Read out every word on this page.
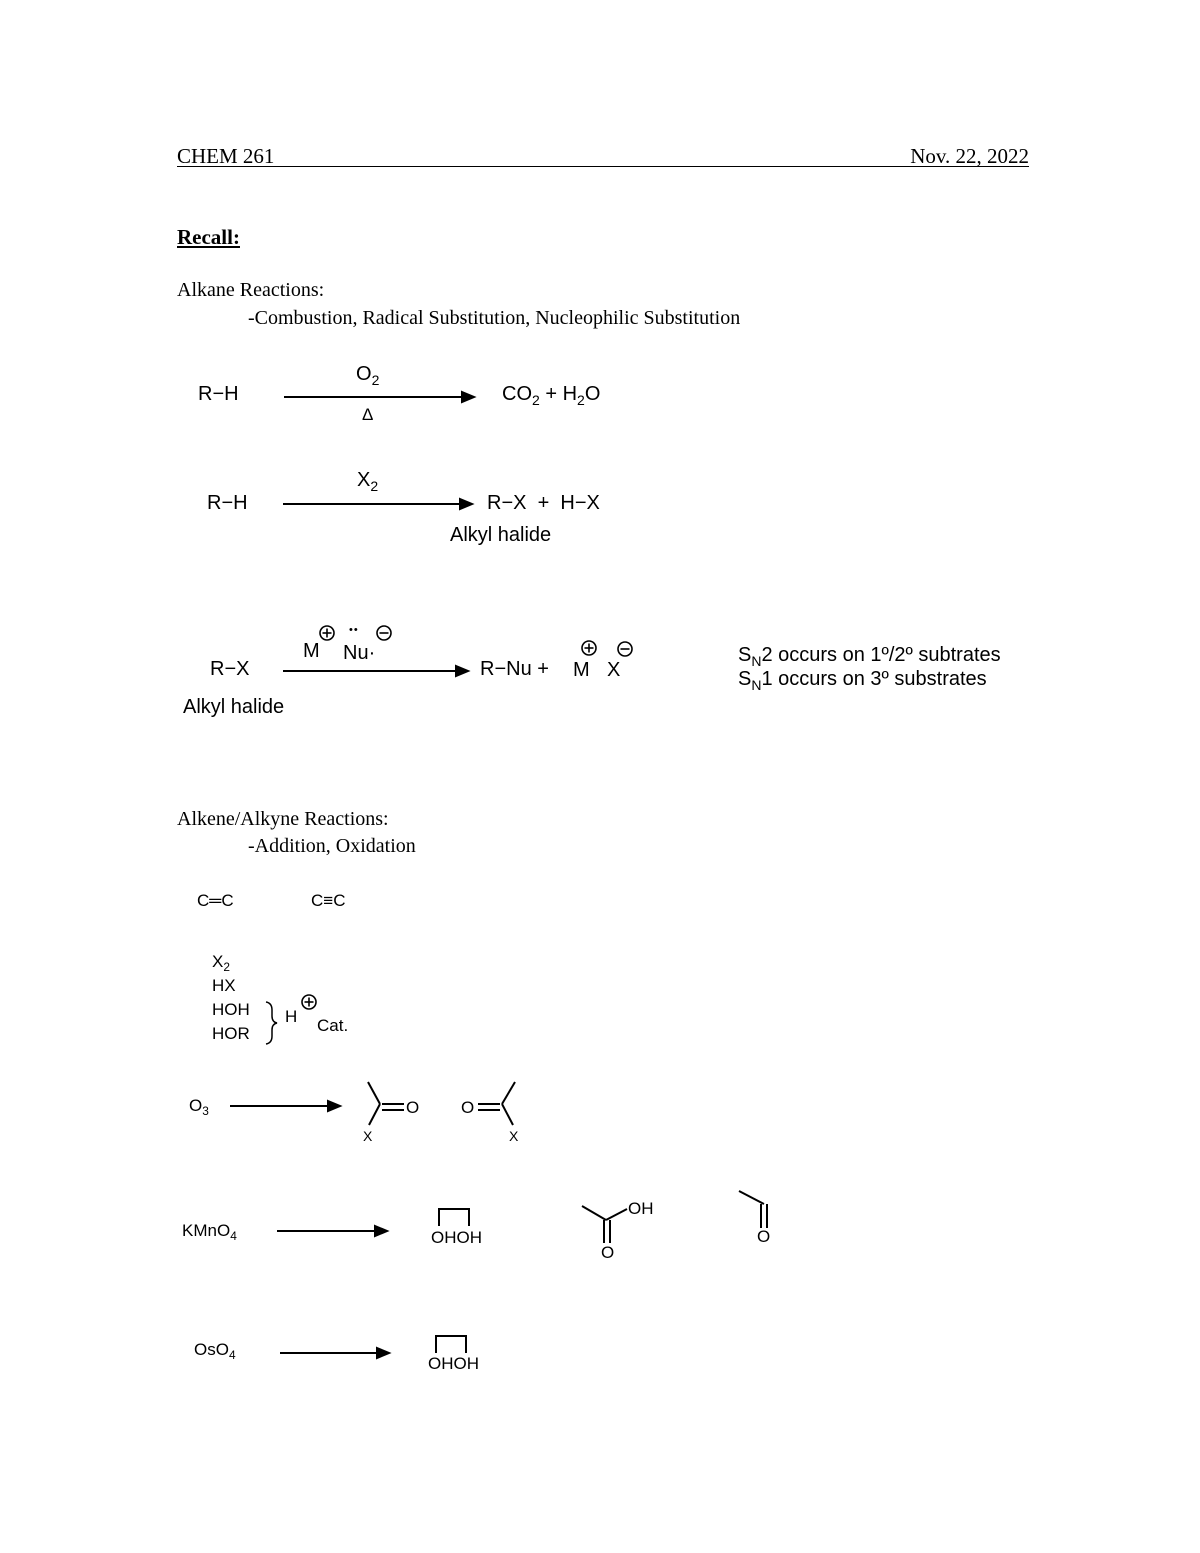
CHEM 261	Nov. 22, 2022
Recall:
Alkane Reactions:
-Combustion, Radical Substitution, Nucleophilic Substitution
R−H
$O_2$
Δ
$CO_2 + H_2O$
R−H
$X_2$
R−X  +  H−X
Alkyl halide
R−X
Alkyl halide
M
••
Nu·
R−Nu + M X
$S_N2$ occurs on 1º/2º subtrates
$S_N1$ occurs on 3º substrates
Alkene/Alkyne Reactions:
-Addition, Oxidation
C═C	C≡C
$X_2$
HX
HOH
HOR
H Cat.
$O_3$	O
X
O
X
KMnO$_4$	OHOH
OH
O
O
OsO$_4$	OHOH
